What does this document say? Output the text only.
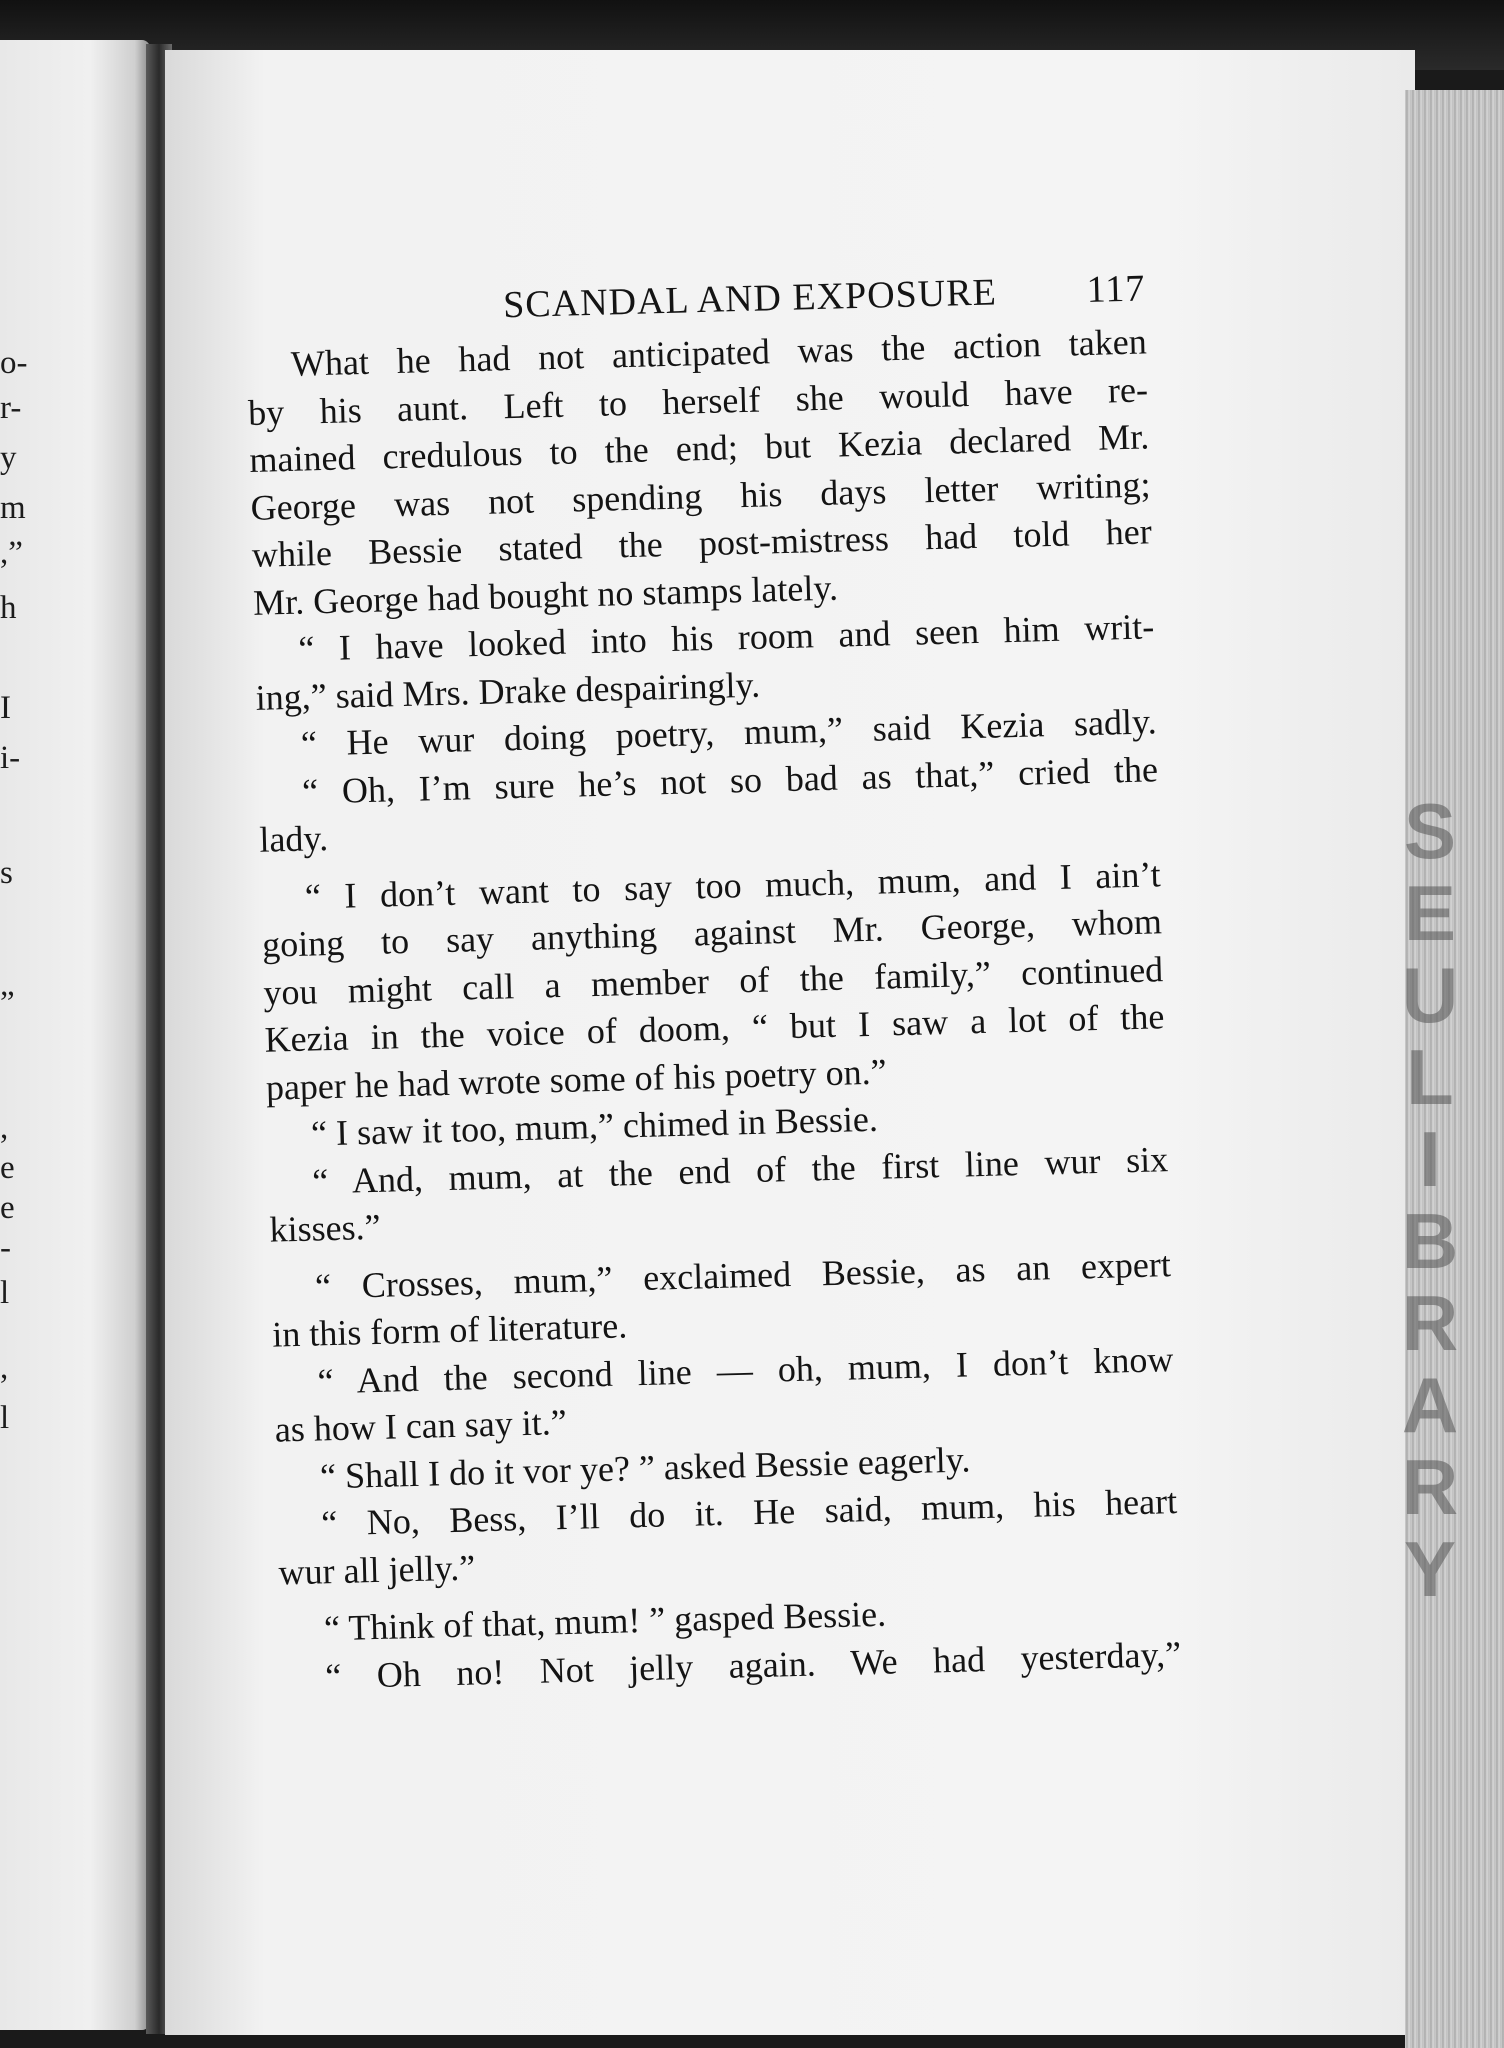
o-
r-
y
m
,”
h
I
i-
s
”
,
e
e
-
l
,
l
S
E
U
L
I
B
R
A
R
Y
SCANDAL AND EXPOSURE 117
What he had not anticipated was the action taken
by his aunt. Left to herself she would have re-
mained credulous to the end; but Kezia declared Mr.
George was not spending his days letter writing;
while Bessie stated the post-mistress had told her
Mr. George had bought no stamps lately.
“ I have looked into his room and seen him writ-
ing,” said Mrs. Drake despairingly.
“ He wur doing poetry, mum,” said Kezia sadly.
“ Oh, I’m sure he’s not so bad as that,” cried the
lady.
“ I don’t want to say too much, mum, and I ain’t
going to say anything against Mr. George, whom
you might call a member of the family,” continued
Kezia in the voice of doom, “ but I saw a lot of the
paper he had wrote some of his poetry on.”
“ I saw it too, mum,” chimed in Bessie.
“ And, mum, at the end of the first line wur six
kisses.”
“ Crosses, mum,” exclaimed Bessie, as an expert
in this form of literature.
“ And the second line — oh, mum, I don’t know
as how I can say it.”
“ Shall I do it vor ye? ” asked Bessie eagerly.
“ No, Bess, I’ll do it. He said, mum, his heart
wur all jelly.”
“ Think of that, mum! ” gasped Bessie.
“ Oh no! Not jelly again. We had yesterday,”
